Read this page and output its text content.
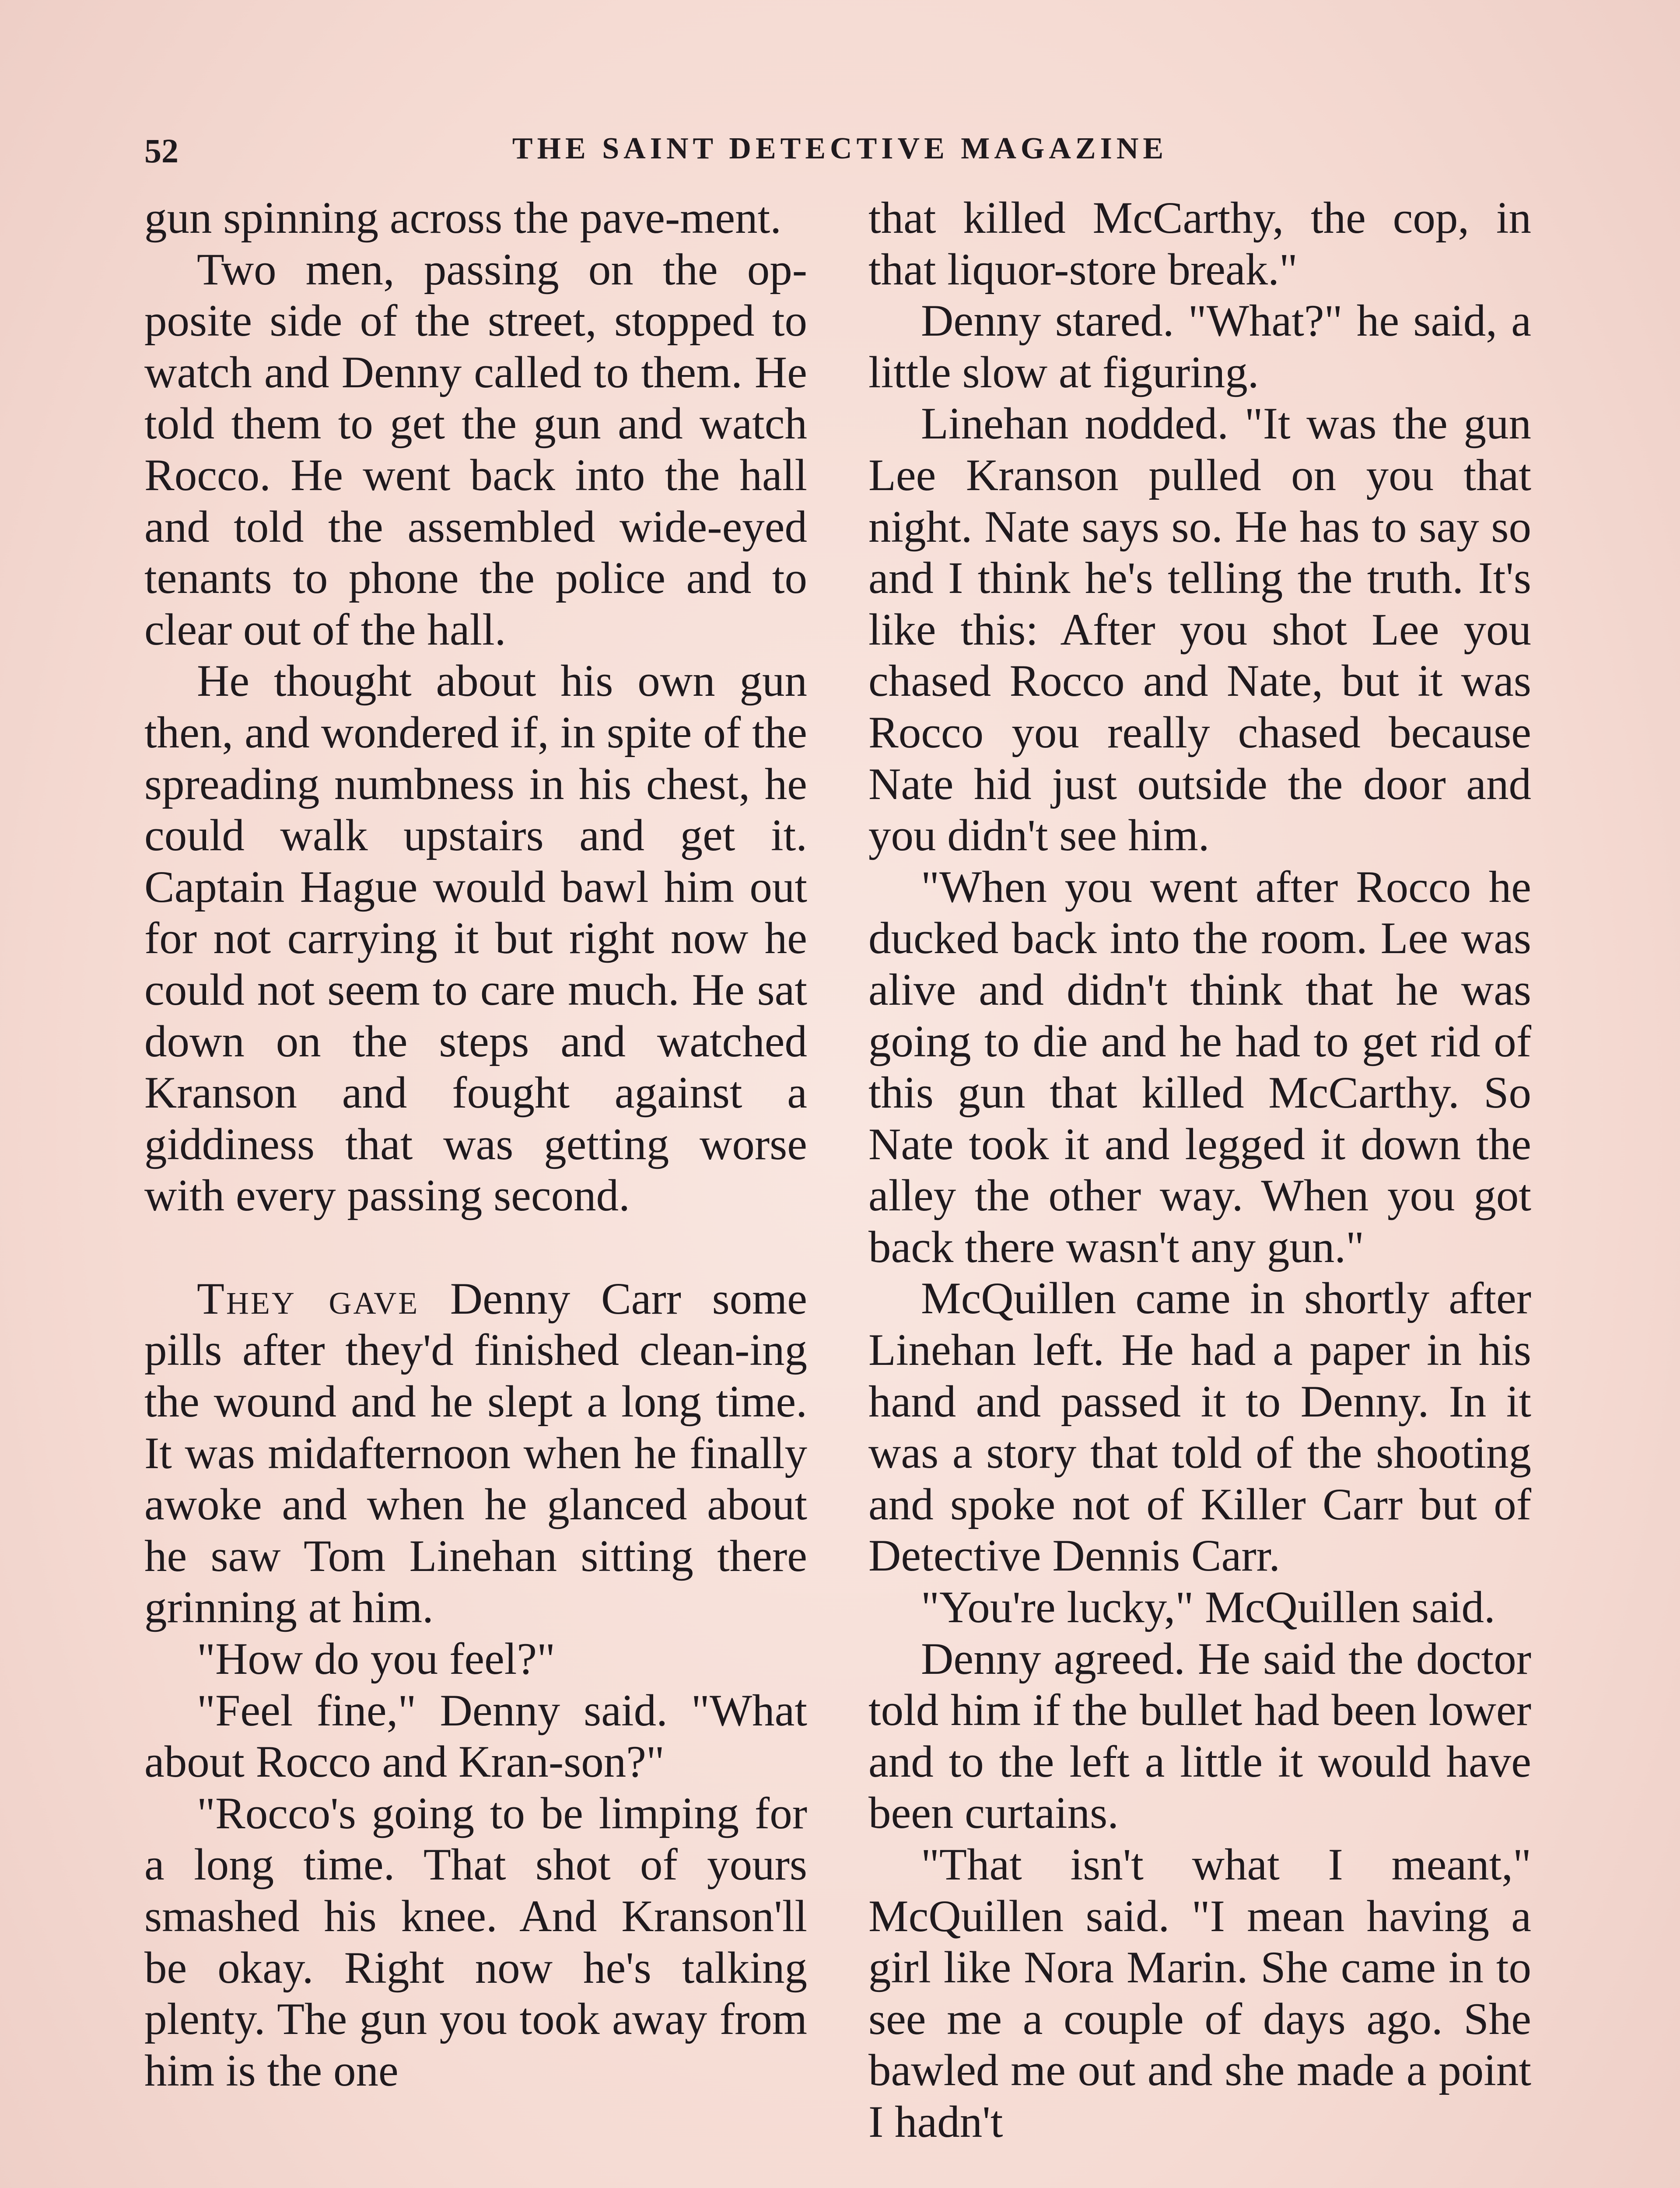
52	THE SAINT DETECTIVE MAGAZINE

gun spinning across the pave-ment.

Two men, passing on the op-posite side of the street, stopped to watch and Denny called to them. He told them to get the gun and watch Rocco. He went back into the hall and told the assembled wide-eyed tenants to phone the police and to clear out of the hall.

He thought about his own gun then, and wondered if, in spite of the spreading numbness in his chest, he could walk upstairs and get it. Captain Hague would bawl him out for not carrying it but right now he could not seem to care much. He sat down on the steps and watched Kranson and fought against a giddiness that was getting worse with every passing second.

They gave Denny Carr some pills after they'd finished clean-ing the wound and he slept a long time. It was midafternoon when he finally awoke and when he glanced about he saw Tom Linehan sitting there grinning at him.

"How do you feel?"

"Feel fine," Denny said. "What about Rocco and Kran-son?"

"Rocco's going to be limping for a long time. That shot of yours smashed his knee. And Kranson'll be okay. Right now he's talking plenty. The gun you took away from him is the one

that killed McCarthy, the cop, in that liquor-store break."

Denny stared. "What?" he said, a little slow at figuring.

Linehan nodded. "It was the gun Lee Kranson pulled on you that night. Nate says so. He has to say so and I think he's telling the truth. It's like this: After you shot Lee you chased Rocco and Nate, but it was Rocco you really chased because Nate hid just outside the door and you didn't see him.

"When you went after Rocco he ducked back into the room. Lee was alive and didn't think that he was going to die and he had to get rid of this gun that killed McCarthy. So Nate took it and legged it down the alley the other way. When you got back there wasn't any gun."

McQuillen came in shortly after Linehan left. He had a paper in his hand and passed it to Denny. In it was a story that told of the shooting and spoke not of Killer Carr but of Detective Dennis Carr.

"You're lucky," McQuillen said.

Denny agreed. He said the doctor told him if the bullet had been lower and to the left a little it would have been curtains.

"That isn't what I meant," McQuillen said. "I mean having a girl like Nora Marin. She came in to see me a couple of days ago. She bawled me out and she made a point I hadn't
